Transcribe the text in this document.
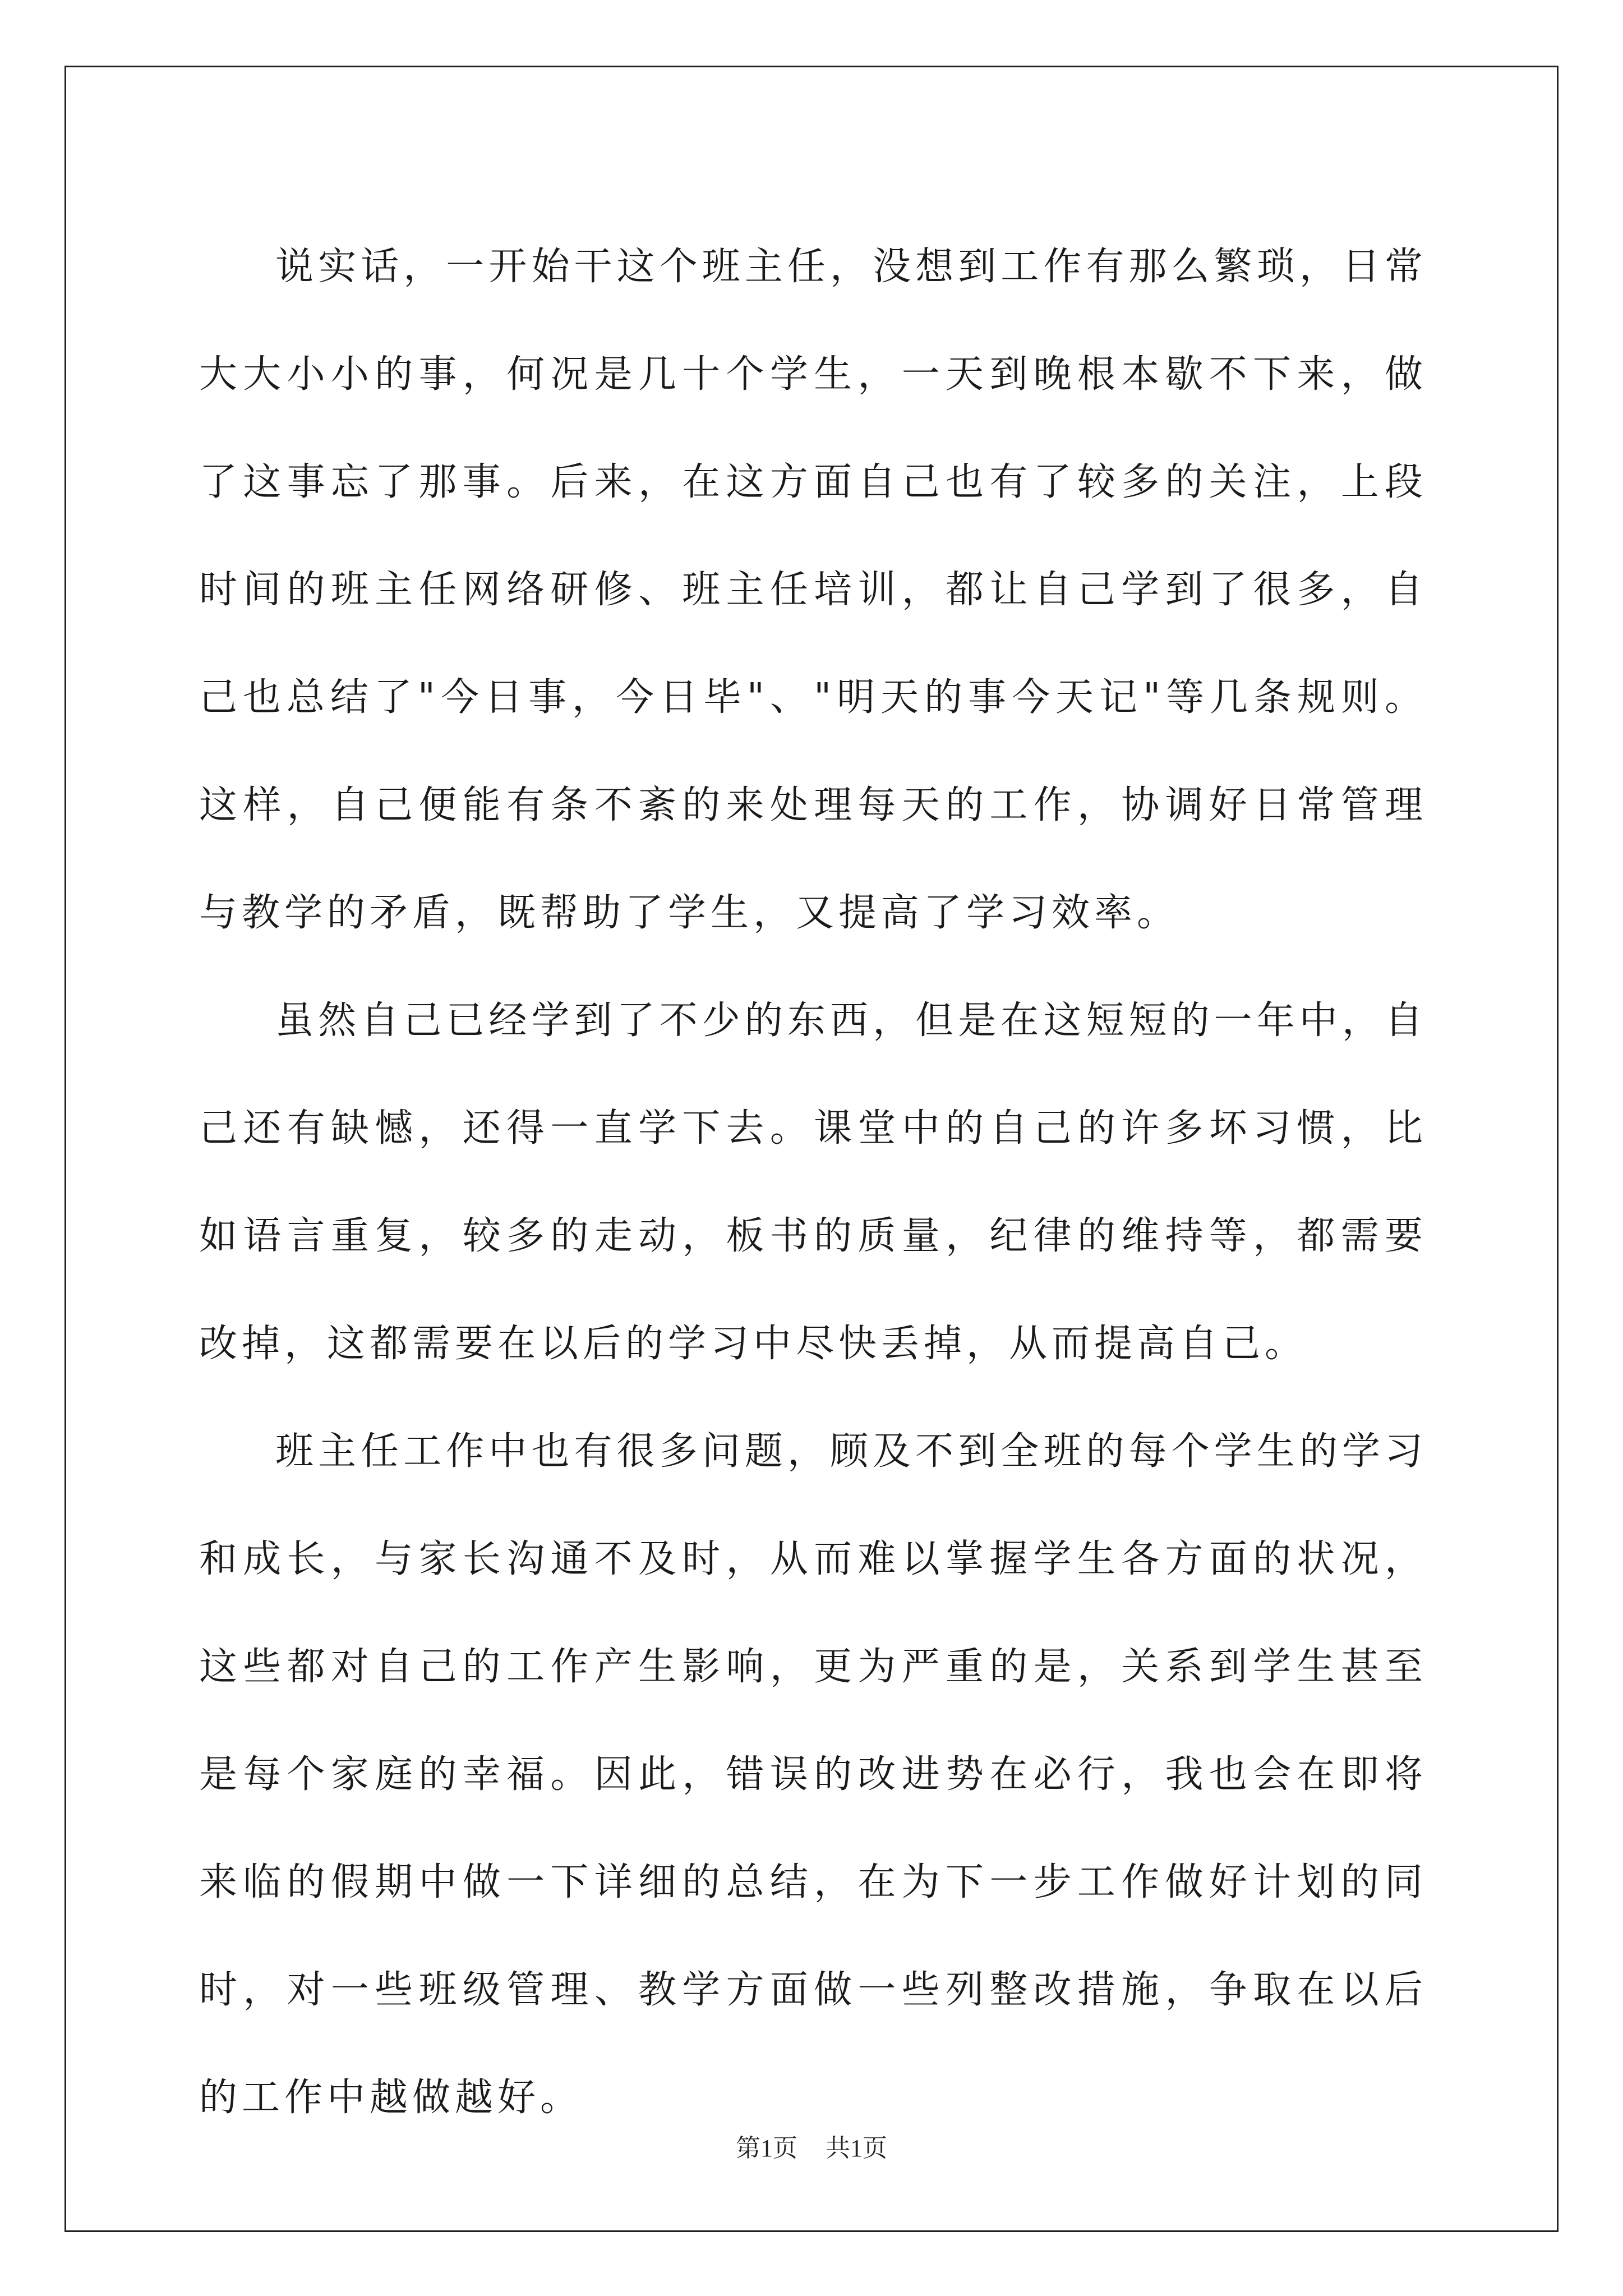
说实话，一开始干这个班主任，没想到工作有那么繁琐，日常大大小小的事，何况是几十个学生，一天到晚根本歇不下来，做了这事忘了那事。后来，在这方面自己也有了较多的关注，上段时间的班主任网络研修、班主任培训，都让自己学到了很多，自己也总结了"今日事，今日毕"、"明天的事今天记"等几条规则。这样，自己便能有条不紊的来处理每天的工作，协调好日常管理与教学的矛盾，既帮助了学生，又提高了学习效率。

虽然自己已经学到了不少的东西，但是在这短短的一年中，自己还有缺憾，还得一直学下去。课堂中的自己的许多坏习惯，比如语言重复，较多的走动，板书的质量，纪律的维持等，都需要改掉，这都需要在以后的学习中尽快丢掉，从而提高自己。

班主任工作中也有很多问题，顾及不到全班的每个学生的学习和成长，与家长沟通不及时，从而难以掌握学生各方面的状况，这些都对自己的工作产生影响，更为严重的是，关系到学生甚至是每个家庭的幸福。因此，错误的改进势在必行，我也会在即将来临的假期中做一下详细的总结，在为下一步工作做好计划的同时，对一些班级管理、教学方面做一些列整改措施，争取在以后的工作中越做越好。

第1页 共1页
